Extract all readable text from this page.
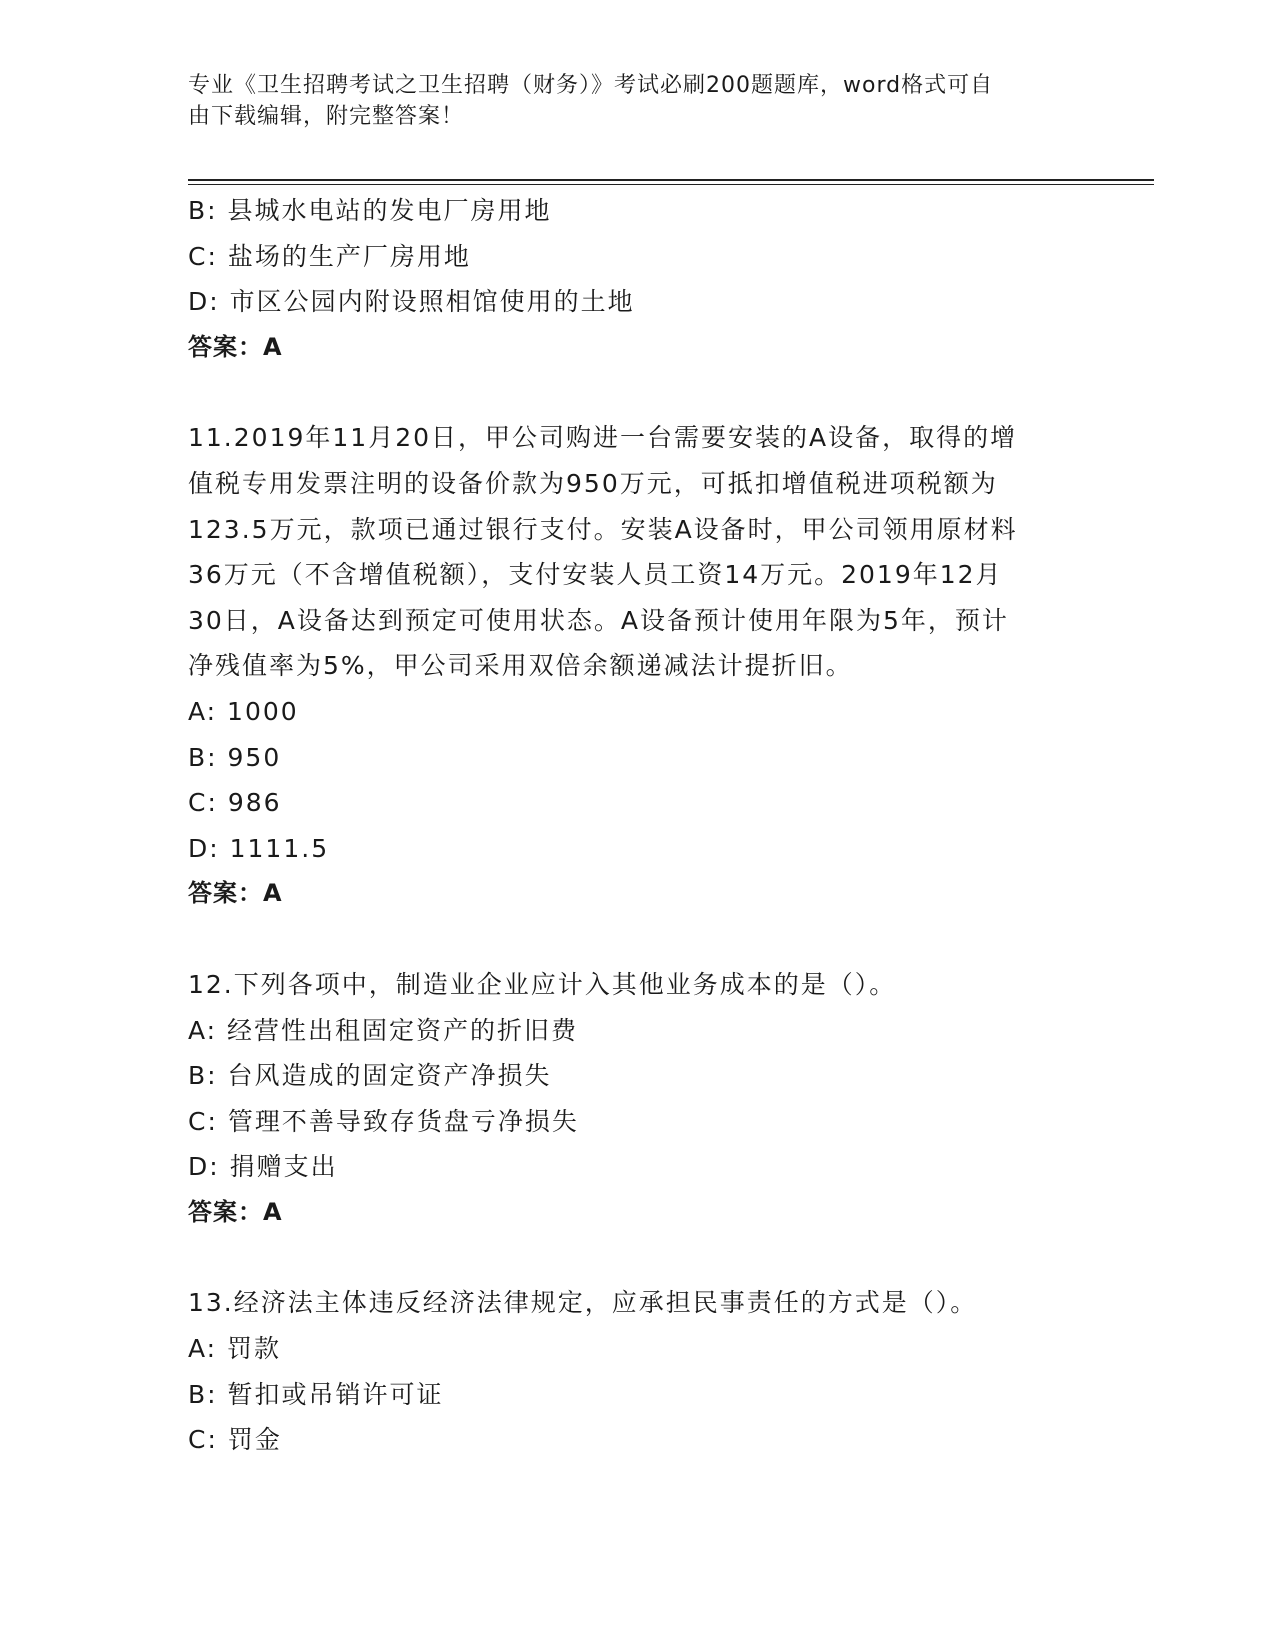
专业《卫生招聘考试之卫生招聘（财务）》考试必刷200题题库，word格式可自
由下载编辑，附完整答案！
B: 县城水电站的发电厂房用地
C: 盐场的生产厂房用地
D: 市区公园内附设照相馆使用的土地
答案：A
11.2019年11月20日，甲公司购进一台需要安装的A设备，取得的增
值税专用发票注明的设备价款为950万元，可抵扣增值税进项税额为
123.5万元，款项已通过银行支付。安装A设备时，甲公司领用原材料
36万元（不含增值税额），支付安装人员工资14万元。2019年12月
30日，A设备达到预定可使用状态。A设备预计使用年限为5年，预计
净残值率为5%，甲公司采用双倍余额递减法计提折旧。
A: 1000
B: 950
C: 986
D: 1111.5
答案：A
12.下列各项中，制造业企业应计入其他业务成本的是（）。
A: 经营性出租固定资产的折旧费
B: 台风造成的固定资产净损失
C: 管理不善导致存货盘亏净损失
D: 捐赠支出
答案：A
13.经济法主体违反经济法律规定，应承担民事责任的方式是（）。
A: 罚款
B: 暂扣或吊销许可证
C: 罚金
